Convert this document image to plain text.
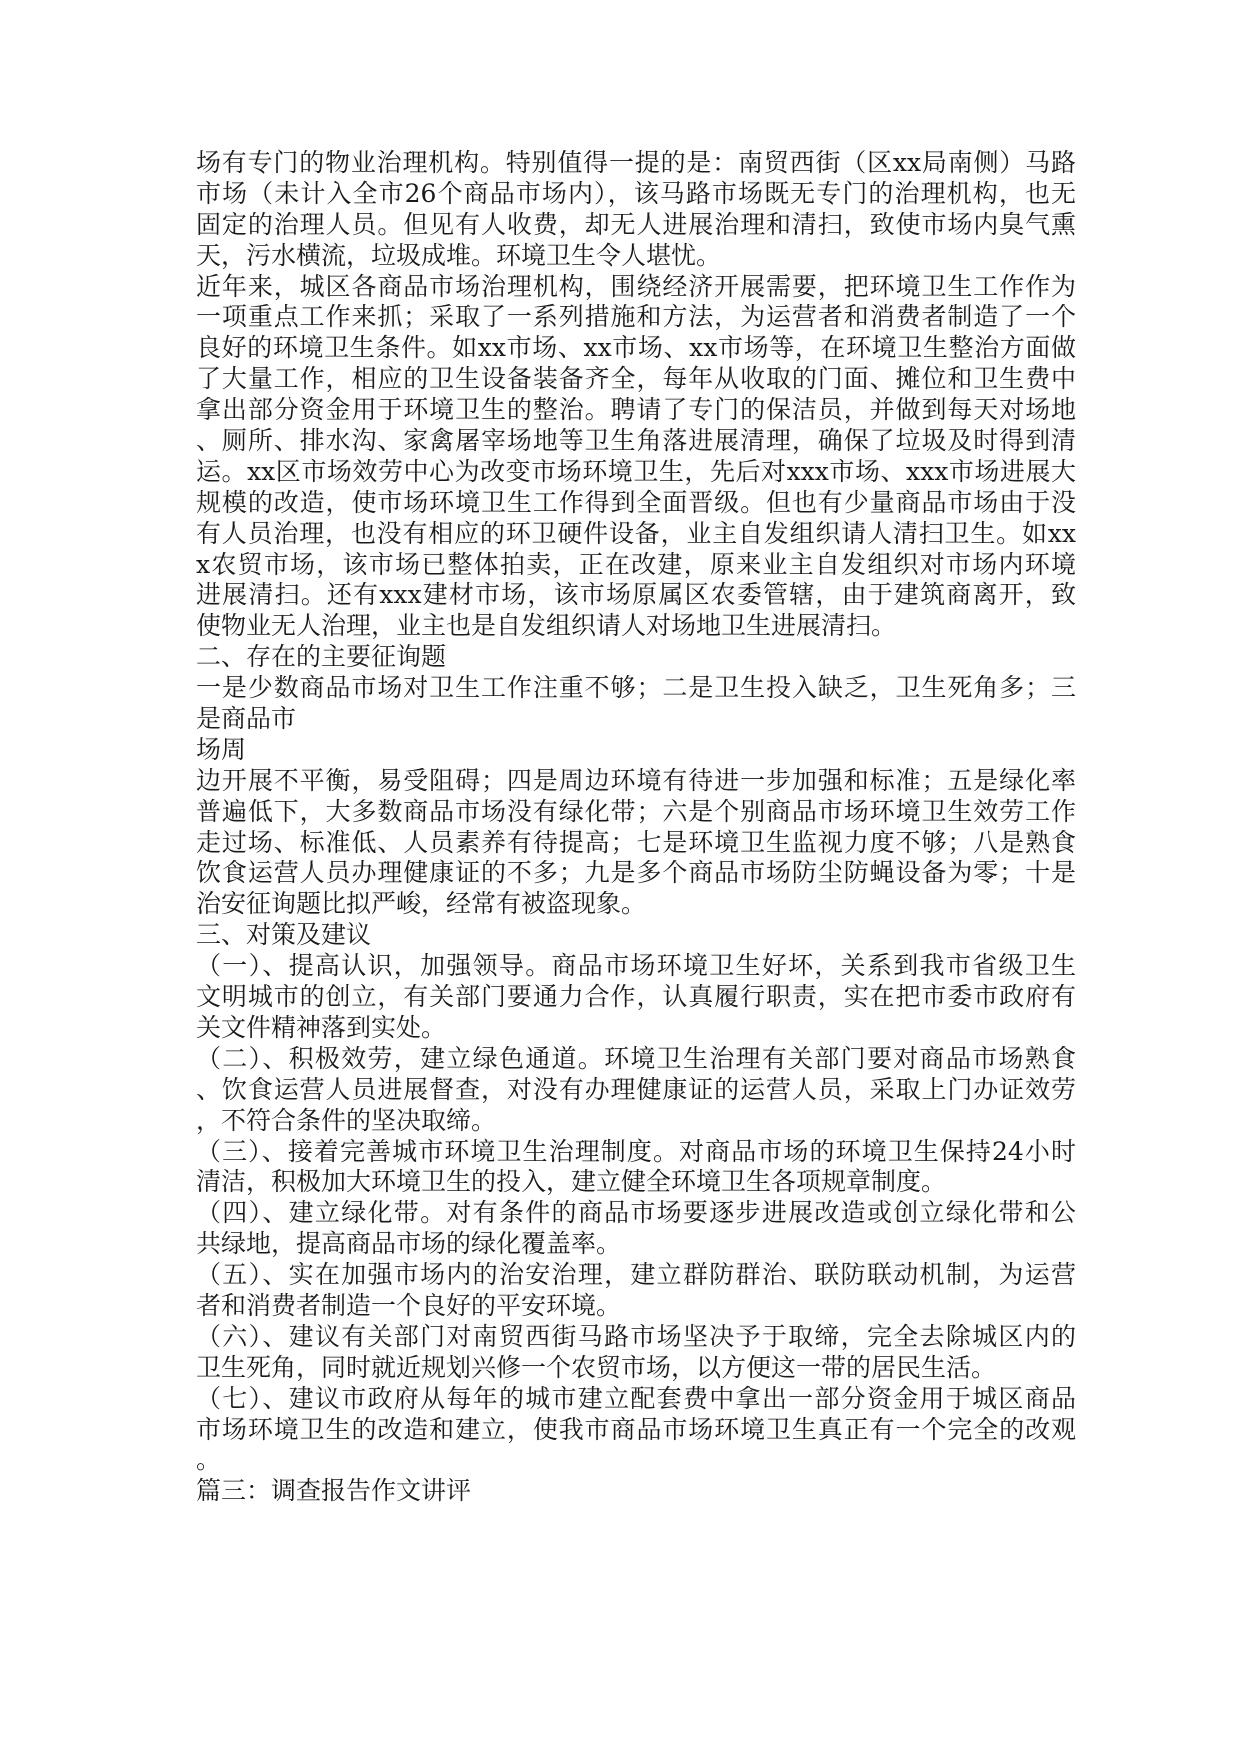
场有专门的物业治理机构。特别值得一提的是：南贸西街（区xx局南侧）马路
市场（未计入全市26个商品市场内），该马路市场既无专门的治理机构，也无
固定的治理人员。但见有人收费，却无人进展治理和清扫，致使市场内臭气熏
天，污水横流，垃圾成堆。环境卫生令人堪忧。
近年来，城区各商品市场治理机构，围绕经济开展需要，把环境卫生工作作为
一项重点工作来抓；采取了一系列措施和方法，为运营者和消费者制造了一个
良好的环境卫生条件。如xx市场、xx市场、xx市场等，在环境卫生整治方面做
了大量工作，相应的卫生设备装备齐全，每年从收取的门面、摊位和卫生费中
拿出部分资金用于环境卫生的整治。聘请了专门的保洁员，并做到每天对场地
、厕所、排水沟、家禽屠宰场地等卫生角落进展清理，确保了垃圾及时得到清
运。xx区市场效劳中心为改变市场环境卫生，先后对xxx市场、xxx市场进展大
规模的改造，使市场环境卫生工作得到全面晋级。但也有少量商品市场由于没
有人员治理，也没有相应的环卫硬件设备，业主自发组织请人清扫卫生。如xx
x农贸市场，该市场已整体拍卖，正在改建，原来业主自发组织对市场内环境
进展清扫。还有xxx建材市场，该市场原属区农委管辖，由于建筑商离开，致
使物业无人治理，业主也是自发组织请人对场地卫生进展清扫。
二、存在的主要征询题
一是少数商品市场对卫生工作注重不够；二是卫生投入缺乏，卫生死角多；三
是商品市
场周
边开展不平衡，易受阻碍；四是周边环境有待进一步加强和标准；五是绿化率
普遍低下，大多数商品市场没有绿化带；六是个别商品市场环境卫生效劳工作
走过场、标准低、人员素养有待提高；七是环境卫生监视力度不够；八是熟食
饮食运营人员办理健康证的不多；九是多个商品市场防尘防蝇设备为零；十是
治安征询题比拟严峻，经常有被盗现象。
三、对策及建议
（一）、提高认识，加强领导。商品市场环境卫生好坏，关系到我市省级卫生
文明城市的创立，有关部门要通力合作，认真履行职责，实在把市委市政府有
关文件精神落到实处。
（二）、积极效劳，建立绿色通道。环境卫生治理有关部门要对商品市场熟食
、饮食运营人员进展督查，对没有办理健康证的运营人员，采取上门办证效劳
，不符合条件的坚决取缔。
（三）、接着完善城市环境卫生治理制度。对商品市场的环境卫生保持24小时
清洁，积极加大环境卫生的投入，建立健全环境卫生各项规章制度。
（四）、建立绿化带。对有条件的商品市场要逐步进展改造或创立绿化带和公
共绿地，提高商品市场的绿化覆盖率。
（五）、实在加强市场内的治安治理，建立群防群治、联防联动机制，为运营
者和消费者制造一个良好的平安环境。
（六）、建议有关部门对南贸西街马路市场坚决予于取缔，完全去除城区内的
卫生死角，同时就近规划兴修一个农贸市场，以方便这一带的居民生活。
（七）、建议市政府从每年的城市建立配套费中拿出一部分资金用于城区商品
市场环境卫生的改造和建立，使我市商品市场环境卫生真正有一个完全的改观
。
篇三：调查报告作文讲评
